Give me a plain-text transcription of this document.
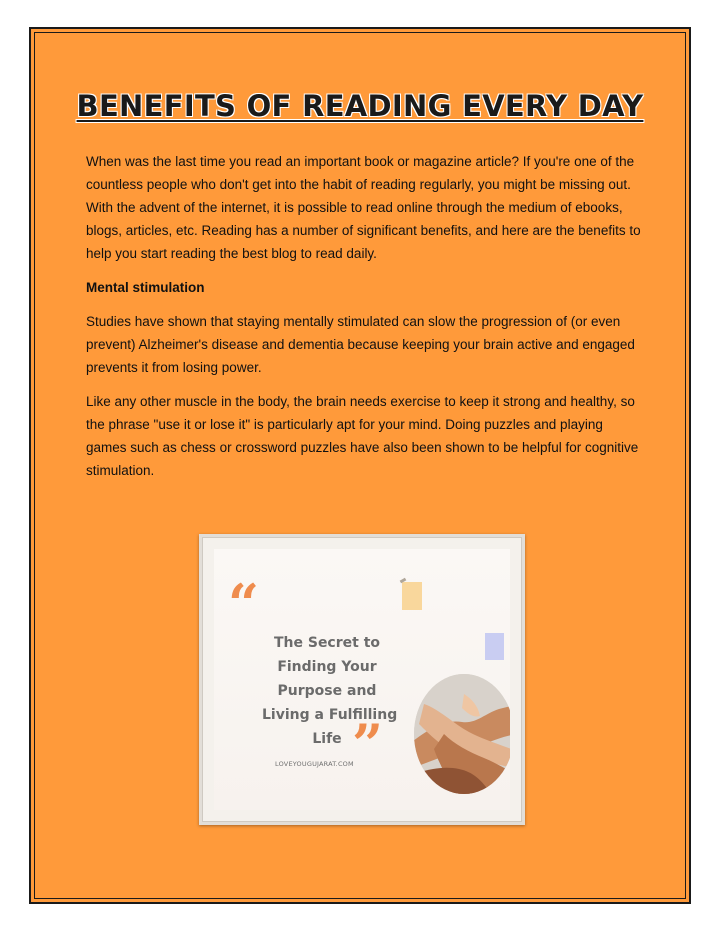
BENEFITS OF READING EVERY DAY

When was the last time you read an important book or magazine article? If you're one of the countless people who don't get into the habit of reading regularly, you might be missing out. With the advent of the internet, it is possible to read online through the medium of ebooks, blogs, articles, etc. Reading has a number of significant benefits, and here are the benefits to help you start reading the best blog to read daily.

Mental stimulation

Studies have shown that staying mentally stimulated can slow the progression of (or even prevent) Alzheimer's disease and dementia because keeping your brain active and engaged prevents it from losing power.

Like any other muscle in the body, the brain needs exercise to keep it strong and healthy, so the phrase "use it or lose it" is particularly apt for your mind. Doing puzzles and playing games such as chess or crossword puzzles have also been shown to be helpful for cognitive stimulation.

“
The Secret to
Finding Your
Purpose and
Living a Fulfilling
Life ”
LOVEYOUGUJARAT.COM
